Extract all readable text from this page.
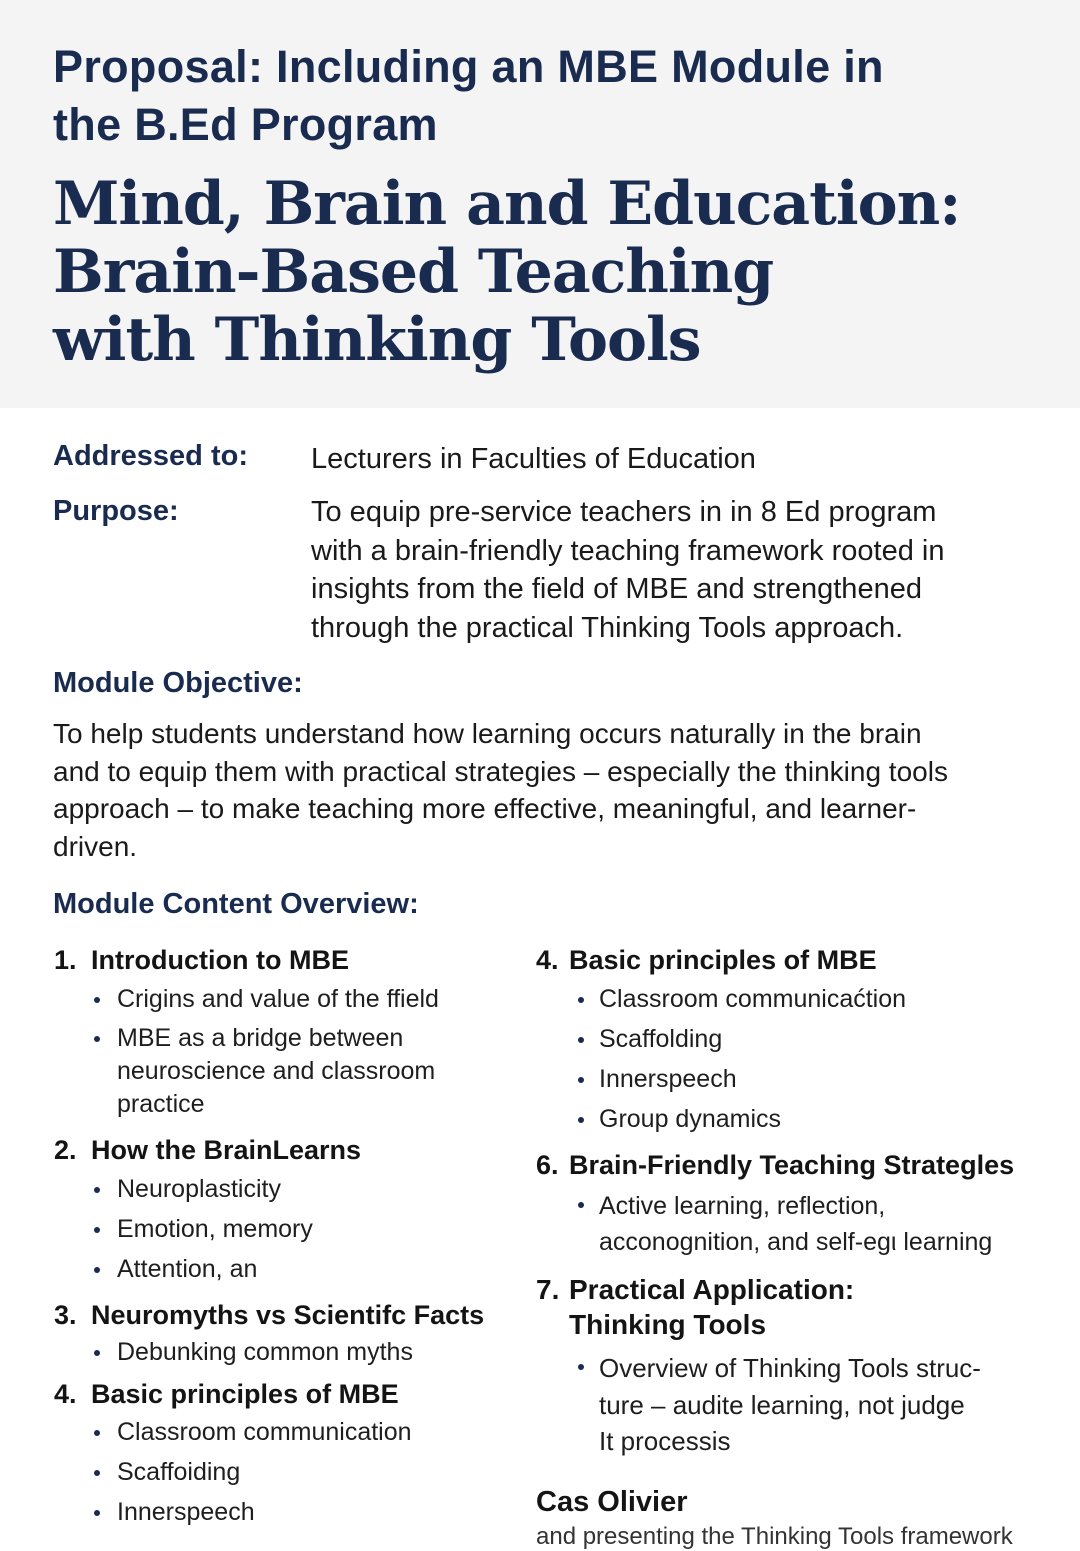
Proposal: Including an MBE Module in
the B.Ed Program
Mind, Brain and Education:
Brain-Based Teaching
with Thinking Tools
Addressed to: Lecturers in Faculties of Education
Purpose:	To equip pre-service teachers in in 8 Ed program
with a brain-friendly teaching framework rooted in
insights from the field of MBE and strengthened
through the practical Thinking Tools approach.
Module Objective:
To help students understand how learning occurs naturally in the brain
and to equip them with practical strategies – especially the thinking tools
approach – to make teaching more effective, meaningful, and learner-
driven.
Module Content Overview:
1. Introduction to MBE
Crigins and value of the ffield
MBE as a bridge between neuroscience and classroom practice
2. How the BrainLearns
Neuroplasticity
Emotion, memory
Attention, an
3. Neuromyths vs Scientifc Facts
Debunking common myths
4. Basic principles of MBE
Classroom communication
Scaffoiding
Innerspeech
4. Basic principles of MBE
Classroom communicaćtion
Scaffolding
Innerspeech
Group dynamics
6. Brain-Friendly Teaching Strategles
Active learning, reflection, acconognition, and self-egι learning
7. Practical Application: Thinking Tools
Overview of Thinking Tools struc-ture – audite learning, not judge It processis
Cas Olivier
and presenting the Thinking Tools framework
